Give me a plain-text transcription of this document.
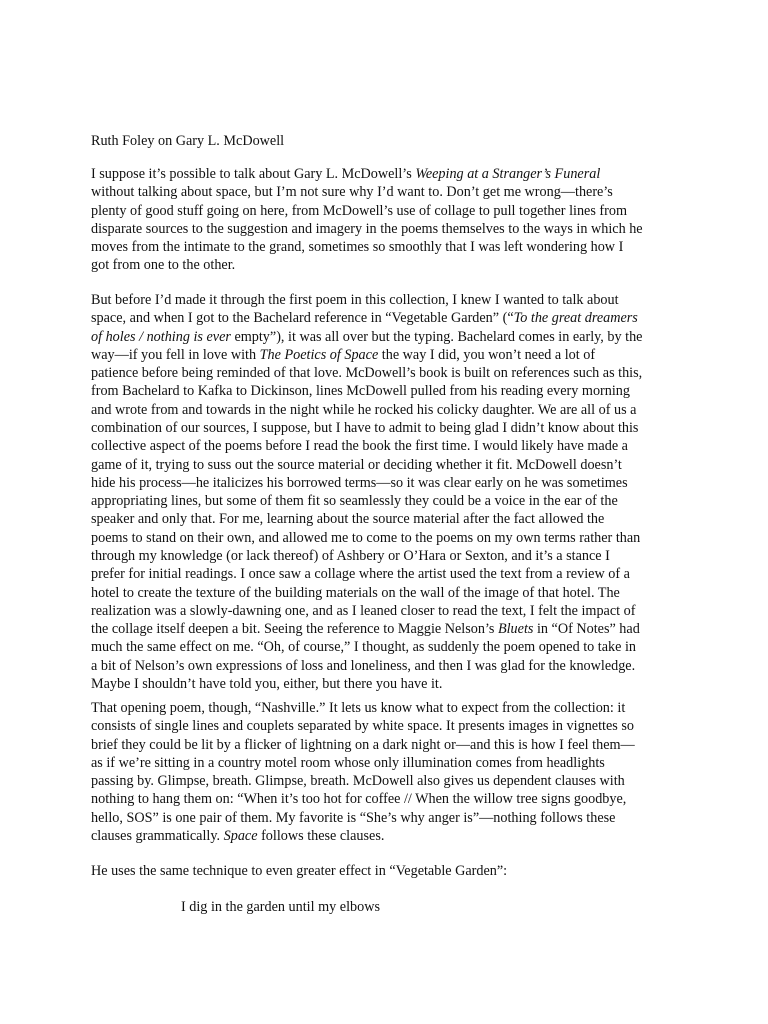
Ruth Foley on Gary L. McDowell
I suppose it’s possible to talk about Gary L. McDowell’s Weeping at a Stranger’s Funeral
without talking about space, but I’m not sure why I’d want to. Don’t get me wrong—there’s
plenty of good stuff going on here, from McDowell’s use of collage to pull together lines from
disparate sources to the suggestion and imagery in the poems themselves to the ways in which he
moves from the intimate to the grand, sometimes so smoothly that I was left wondering how I
got from one to the other.
But before I’d made it through the first poem in this collection, I knew I wanted to talk about
space, and when I got to the Bachelard reference in “Vegetable Garden” (“To the great dreamers
of holes / nothing is ever empty”), it was all over but the typing. Bachelard comes in early, by the
way—if you fell in love with The Poetics of Space the way I did, you won’t need a lot of
patience before being reminded of that love. McDowell’s book is built on references such as this,
from Bachelard to Kafka to Dickinson, lines McDowell pulled from his reading every morning
and wrote from and towards in the night while he rocked his colicky daughter. We are all of us a
combination of our sources, I suppose, but I have to admit to being glad I didn’t know about this
collective aspect of the poems before I read the book the first time. I would likely have made a
game of it, trying to suss out the source material or deciding whether it fit. McDowell doesn’t
hide his process—he italicizes his borrowed terms—so it was clear early on he was sometimes
appropriating lines, but some of them fit so seamlessly they could be a voice in the ear of the
speaker and only that. For me, learning about the source material after the fact allowed the
poems to stand on their own, and allowed me to come to the poems on my own terms rather than
through my knowledge (or lack thereof) of Ashbery or O’Hara or Sexton, and it’s a stance I
prefer for initial readings. I once saw a collage where the artist used the text from a review of a
hotel to create the texture of the building materials on the wall of the image of that hotel. The
realization was a slowly-dawning one, and as I leaned closer to read the text, I felt the impact of
the collage itself deepen a bit. Seeing the reference to Maggie Nelson’s Bluets in “Of Notes” had
much the same effect on me. “Oh, of course,” I thought, as suddenly the poem opened to take in
a bit of Nelson’s own expressions of loss and loneliness, and then I was glad for the knowledge.
Maybe I shouldn’t have told you, either, but there you have it.
That opening poem, though, “Nashville.” It lets us know what to expect from the collection: it
consists of single lines and couplets separated by white space. It presents images in vignettes so
brief they could be lit by a flicker of lightning on a dark night or—and this is how I feel them—
as if we’re sitting in a country motel room whose only illumination comes from headlights
passing by. Glimpse, breath. Glimpse, breath. McDowell also gives us dependent clauses with
nothing to hang them on: “When it’s too hot for coffee // When the willow tree signs goodbye,
hello, SOS” is one pair of them. My favorite is “She’s why anger is”—nothing follows these
clauses grammatically. Space follows these clauses.
He uses the same technique to even greater effect in “Vegetable Garden”:

I dig in the garden until my elbows
